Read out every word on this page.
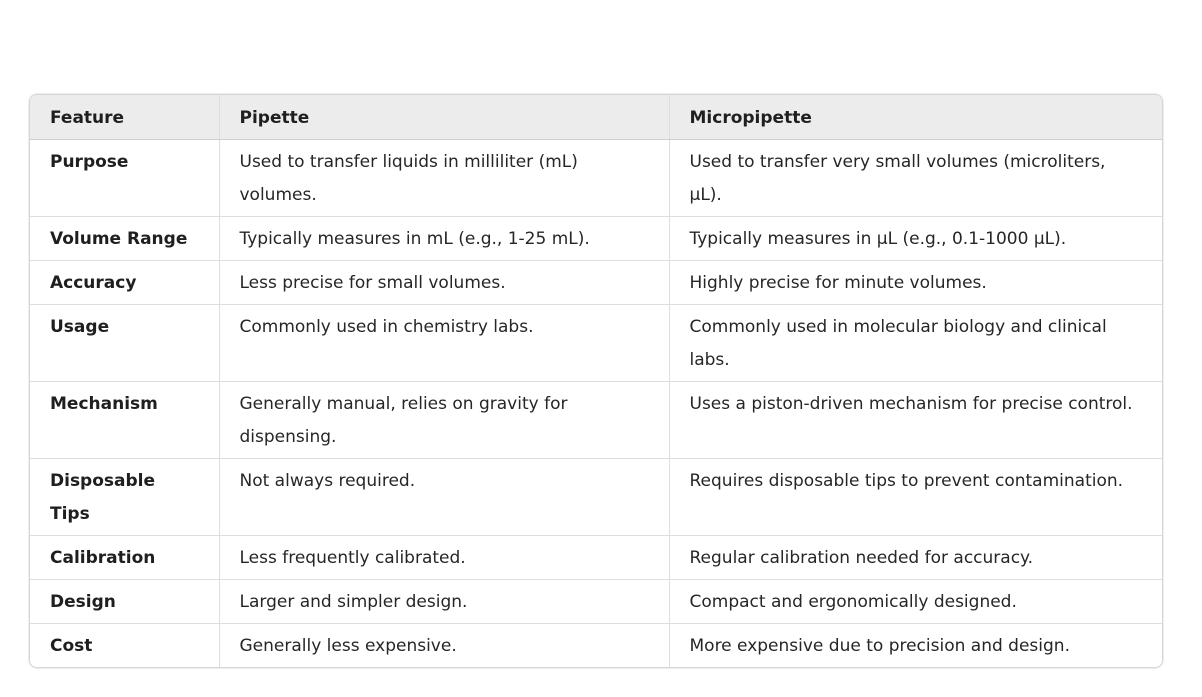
Feature	Pipette	Micropipette
Purpose	Used to transfer liquids in milliliter (mL) volumes.	Used to transfer very small volumes (microliters, µL).
Volume Range	Typically measures in mL (e.g., 1-25 mL).	Typically measures in µL (e.g., 0.1-1000 µL).
Accuracy	Less precise for small volumes.	Highly precise for minute volumes.
Usage	Commonly used in chemistry labs.	Commonly used in molecular biology and clinical labs.
Mechanism	Generally manual, relies on gravity for dispensing.	Uses a piston-driven mechanism for precise control.
Disposable Tips	Not always required.	Requires disposable tips to prevent contamination.
Calibration	Less frequently calibrated.	Regular calibration needed for accuracy.
Design	Larger and simpler design.	Compact and ergonomically designed.
Cost	Generally less expensive.	More expensive due to precision and design.
